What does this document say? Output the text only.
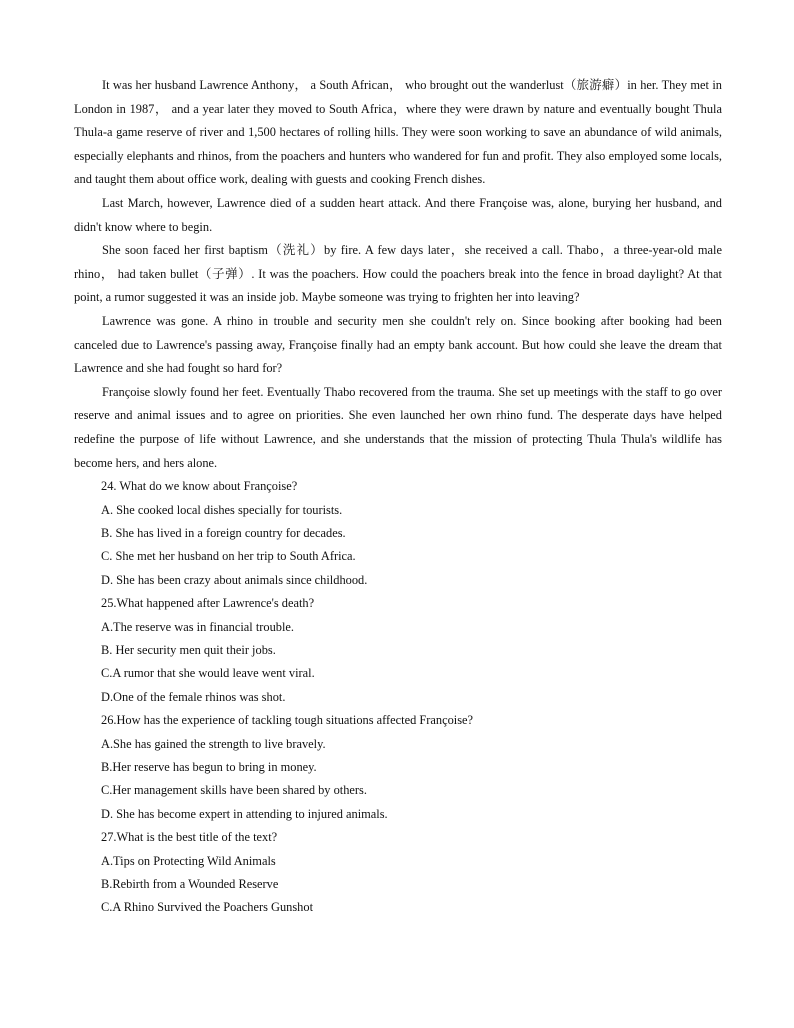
It was her husband Lawrence Anthony， a South African， who brought out the wanderlust（旅游癖）in her. They met in London in 1987， and a year later they moved to South Africa，where they were drawn by nature and eventually bought Thula Thula-a game reserve of river and 1,500 hectares of rolling hills. They were soon working to save an abundance of wild animals, especially elephants and rhinos, from the poachers and hunters who wandered for fun and profit. They also employed some locals, and taught them about office work, dealing with guests and cooking French dishes.

Last March, however, Lawrence died of a sudden heart attack. And there Françoise was, alone, burying her husband, and didn't know where to begin.

She soon faced her first baptism（洗礼）by fire. A few days later，she received a call. Thabo，a three-year-old male rhino， had taken bullet（子弹）. It was the poachers. How could the poachers break into the fence in broad daylight? At that point, a rumor suggested it was an inside job. Maybe someone was trying to frighten her into leaving?

Lawrence was gone. A rhino in trouble and security men she couldn't rely on. Since booking after booking had been canceled due to Lawrence's passing away, Françoise finally had an empty bank account. But how could she leave the dream that Lawrence and she had fought so hard for?

Françoise slowly found her feet. Eventually Thabo recovered from the trauma. She set up meetings with the staff to go over reserve and animal issues and to agree on priorities. She even launched her own rhino fund. The desperate days have helped redefine the purpose of life without Lawrence, and she understands that the mission of protecting Thula Thula's wildlife has become hers, and hers alone.

24. What do we know about Françoise?

A. She cooked local dishes specially for tourists.

B. She has lived in a foreign country for decades.

C. She met her husband on her trip to South Africa.

D. She has been crazy about animals since childhood.

25.What happened after Lawrence's death?

A.The reserve was in financial trouble.

B. Her security men quit their jobs.

C.A rumor that she would leave went viral.

D.One of the female rhinos was shot.

26.How has the experience of tackling tough situations affected Françoise?

A.She has gained the strength to live bravely.

B.Her reserve has begun to bring in money.

C.Her management skills have been shared by others.

D. She has become expert in attending to injured animals.

27.What is the best title of the text?

A.Tips on Protecting Wild Animals

B.Rebirth from a Wounded Reserve

C.A Rhino Survived the Poachers Gunshot
